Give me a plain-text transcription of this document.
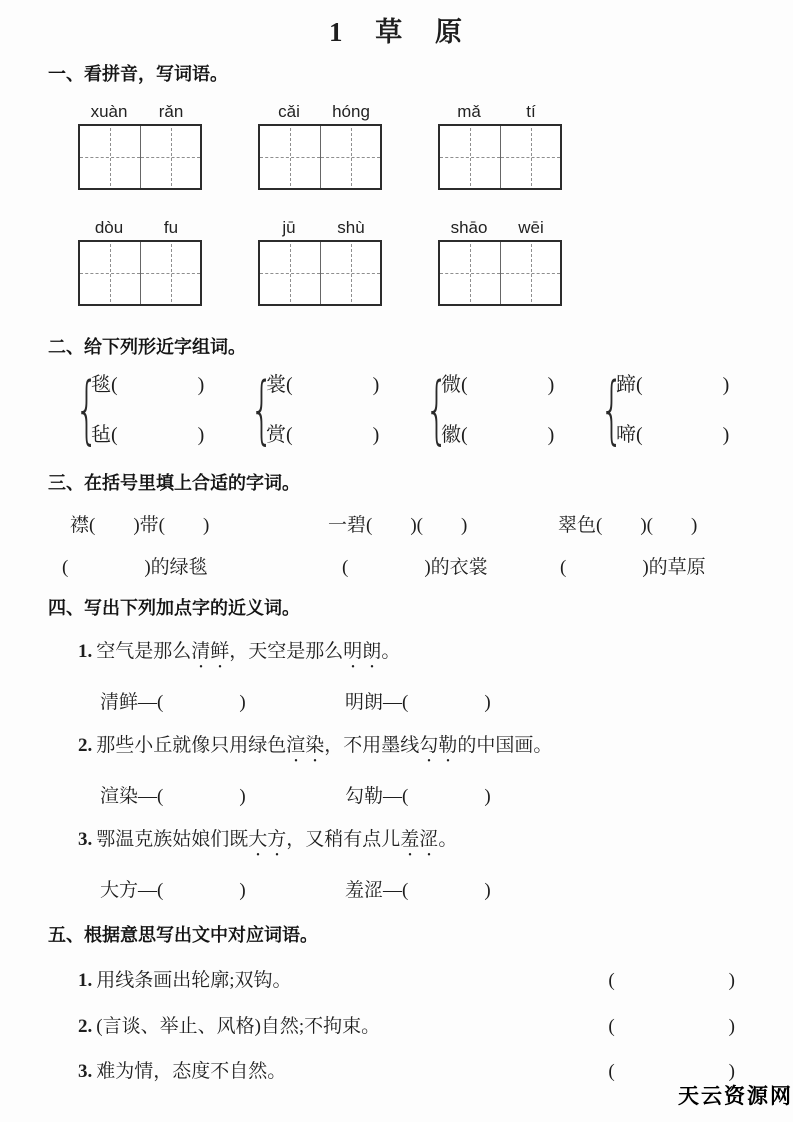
1 草 原
一、看拼音，写词语。
xuàn	rǎn	cǎi	hóng	mǎ	tí
dòu	fu	jū	shù	shāo	wēi
二、给下列形近字组词。
{
毯(　　　　)
毡(　　　　) {
裳(　　　　)
赏(　　　　) {
微(　　　　)
徽(　　　　) {
蹄(　　　　)
啼(　　　　)
三、在括号里填上合适的字词。
襟(　　)带(　　)	一碧(　　)(　　)	翠色(　　)(　　)
(　　　　)的绿毯	(　　　　)的衣裳	(　　　　)的草原
四、写出下列加点字的近义词。
1. 空气是那么清鲜，天空是那么明朗。
清鲜—(　　　　)	明朗—(　　　　)
2. 那些小丘就像只用绿色渲染，不用墨线勾勒的中国画。
渲染—(　　　　)	勾勒—(　　　　)
3. 鄂温克族姑娘们既大方，又稍有点儿羞涩。
大方—(　　　　)	羞涩—(　　　　)
五、根据意思写出文中对应词语。
1. 用线条画出轮廓;双钩。	(　　　　　　)
2. (言谈、举止、风格)自然;不拘束。	(　　　　　　)
3. 难为情，态度不自然。	(　　　　　　)
天云资源网
